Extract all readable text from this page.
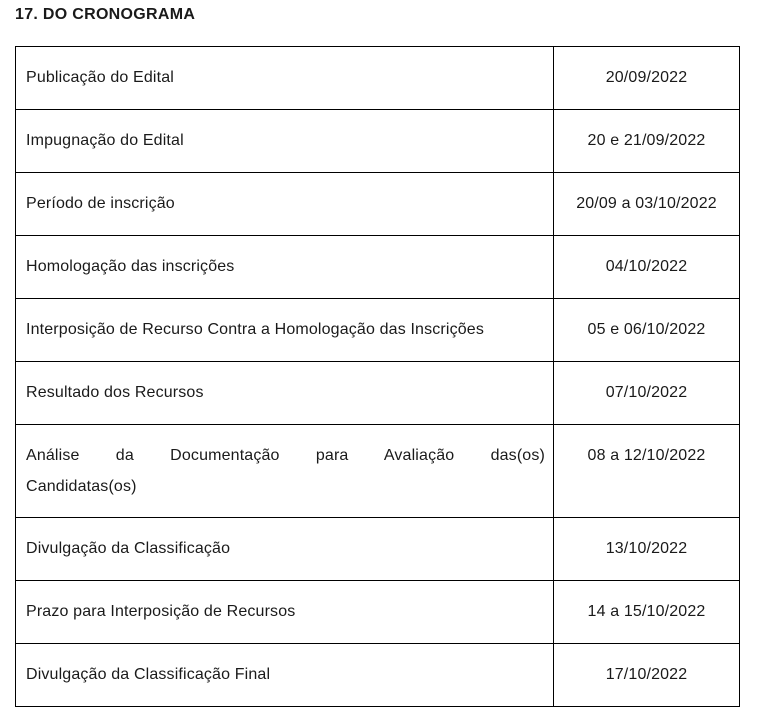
17. DO CRONOGRAMA
Publicação do Edital	20/09/2022
Impugnação do Edital	20 e 21/09/2022
Período de inscrição	20/09 a 03/10/2022
Homologação das inscrições	04/10/2022
Interposição de Recurso Contra a Homologação das Inscrições	05 e 06/10/2022
Resultado dos Recursos	07/10/2022

Análise da Documentação para Avaliação das(os)
Candidatas(os)	08 a 12/10/2022
Divulgação da Classificação	13/10/2022
Prazo para Interposição de Recursos	14 a 15/10/2022
Divulgação da Classificação Final	17/10/2022
